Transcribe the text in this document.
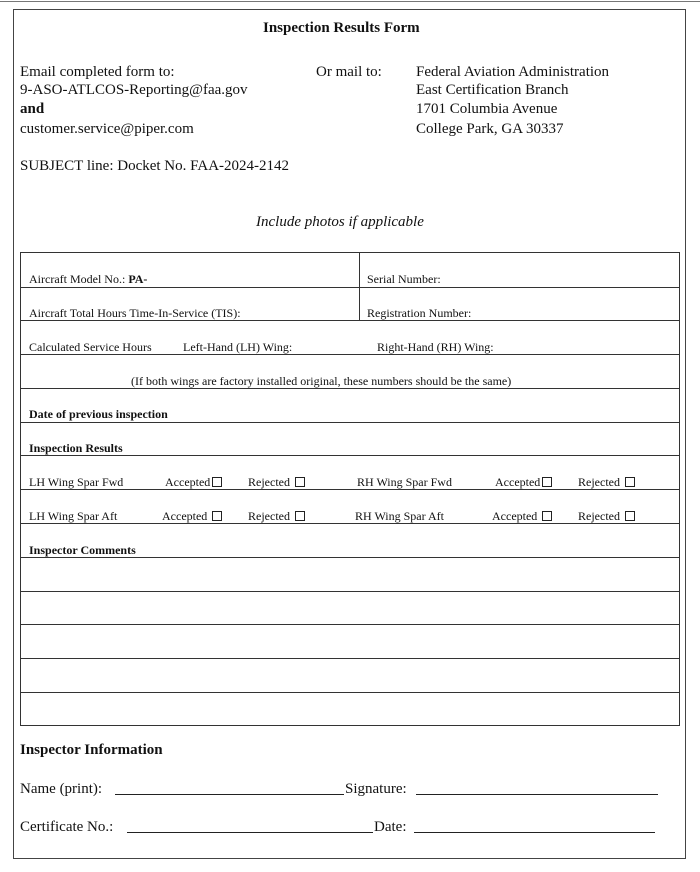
Inspection Results Form
Email completed form to:
9-ASO-ATLCOS-Reporting@faa.gov
and
customer.service@piper.com
Or mail to: Federal Aviation Administration
East Certification Branch
1701 Columbia Avenue
College Park, GA 30337
SUBJECT line: Docket No. FAA-2024-2142
Include photos if applicable
Aircraft Model No.: PA-	Serial Number:
Aircraft Total Hours Time-In-Service (TIS):	Registration Number:
Calculated Service Hours	Left-Hand (LH) Wing:	Right-Hand (RH) Wing:
(If both wings are factory installed original, these numbers should be the same)
Date of previous inspection
Inspection Results
LH Wing Spar Fwd	Accepted	Rejected	RH Wing Spar Fwd	Accepted	Rejected
LH Wing Spar Aft	Accepted	Rejected	RH Wing Spar Aft	Accepted	Rejected
Inspector Comments
Inspector Information
Name (print):	Signature:
Certificate No.:	Date:
